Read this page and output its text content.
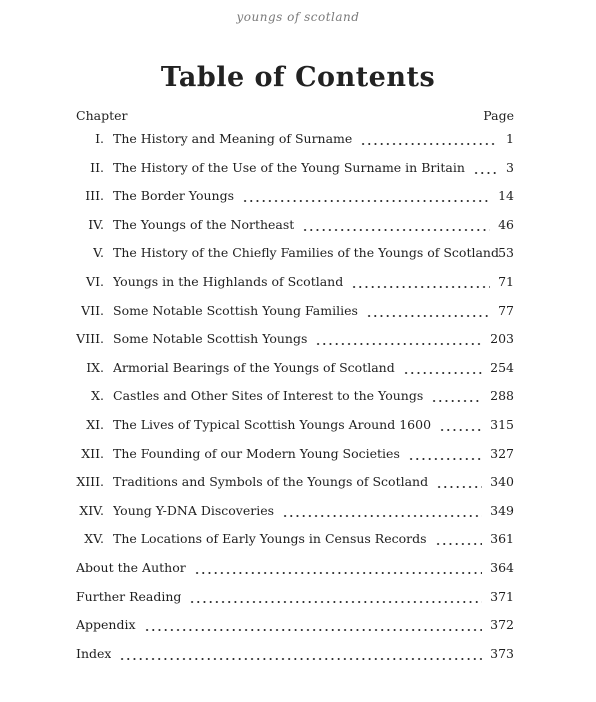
youngs of scotland
Table of Contents
Chapter	Page
I. The History and Meaning of Surname	1
II. The History of the Use of the Young Surname in Britain	3
III. The Border Youngs	14
IV. The Youngs of the Northeast	46
V. The History of the Chiefly Families of the Youngs of Scotland 53
VI. Youngs in the Highlands of Scotland	71
VII. Some Notable Scottish Young Families	77
VIII. Some Notable Scottish Youngs	203
IX. Armorial Bearings of the Youngs of Scotland	254
X. Castles and Other Sites of Interest to the Youngs	288
XI. The Lives of Typical Scottish Youngs Around 1600	315
XII. The Founding of our Modern Young Societies	327
XIII. Traditions and Symbols of the Youngs of Scotland	340
XIV. Young Y-DNA Discoveries	349
XV. The Locations of Early Youngs in Census Records	361
About the Author	364
Further Reading	371
Appendix	372
Index	373
